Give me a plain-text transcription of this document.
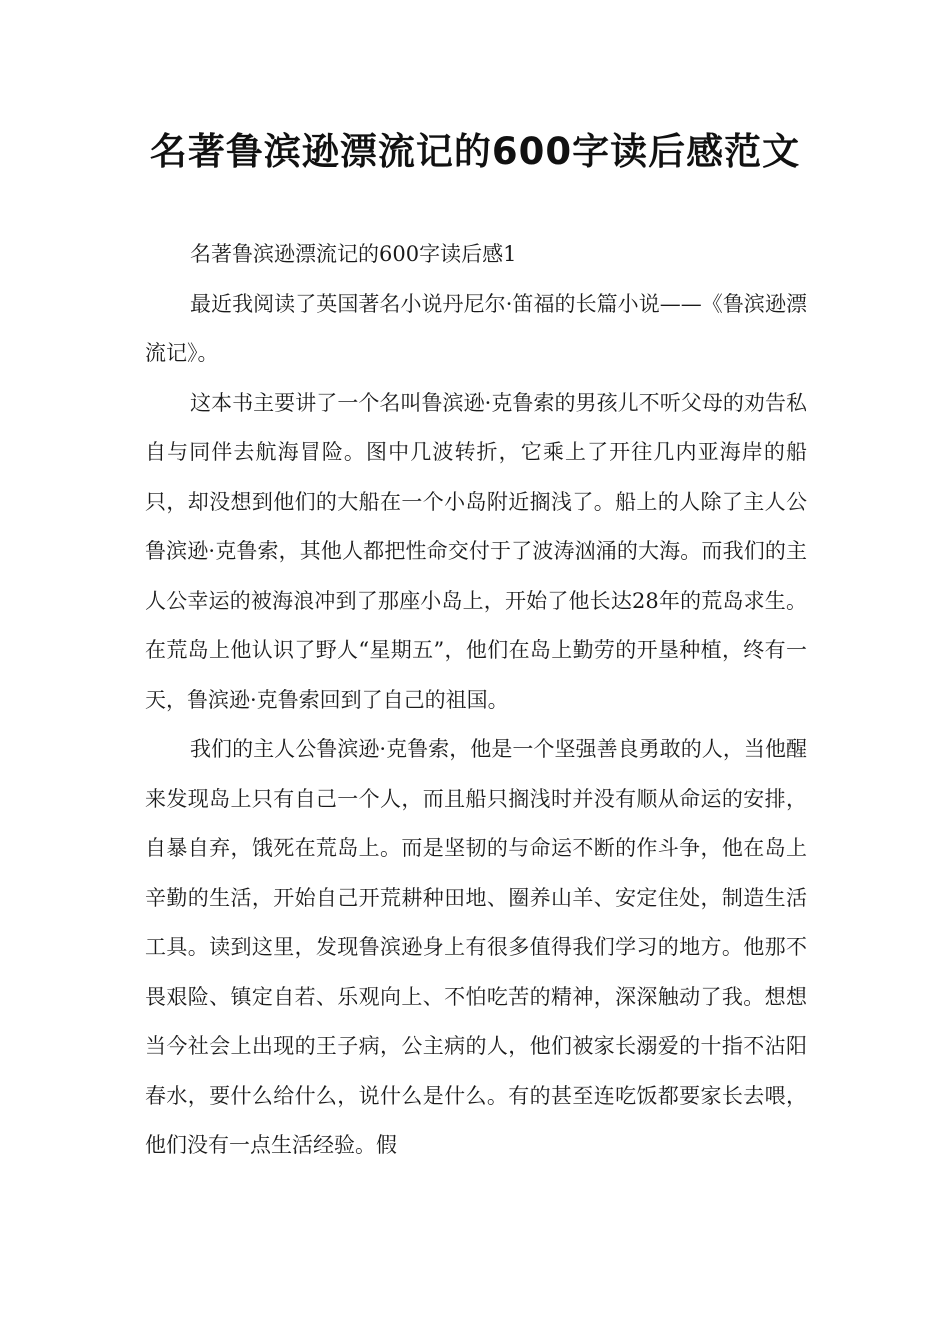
名著鲁滨逊漂流记的600字读后感范文

名著鲁滨逊漂流记的600字读后感1

最近我阅读了英国著名小说丹尼尔·笛福的长篇小说——《鲁滨逊漂流记》。

这本书主要讲了一个名叫鲁滨逊·克鲁索的男孩儿不听父母的劝告私自与同伴去航海冒险。图中几波转折，它乘上了开往几内亚海岸的船只，却没想到他们的大船在一个小岛附近搁浅了。船上的人除了主人公鲁滨逊·克鲁索，其他人都把性命交付于了波涛汹涌的大海。而我们的主人公幸运的被海浪冲到了那座小岛上，开始了他长达28年的荒岛求生。在荒岛上他认识了野人“星期五”，他们在岛上勤劳的开垦种植，终有一天，鲁滨逊·克鲁索回到了自己的祖国。

我们的主人公鲁滨逊·克鲁索，他是一个坚强善良勇敢的人，当他醒来发现岛上只有自己一个人，而且船只搁浅时并没有顺从命运的安排，自暴自弃，饿死在荒岛上。而是坚韧的与命运不断的作斗争，他在岛上辛勤的生活，开始自己开荒耕种田地、圈养山羊、安定住处，制造生活工具。读到这里，发现鲁滨逊身上有很多值得我们学习的地方。他那不畏艰险、镇定自若、乐观向上、不怕吃苦的精神，深深触动了我。想想当今社会上出现的王子病，公主病的人，他们被家长溺爱的十指不沾阳春水，要什么给什么，说什么是什么。有的甚至连吃饭都要家长去喂，他们没有一点生活经验。假
